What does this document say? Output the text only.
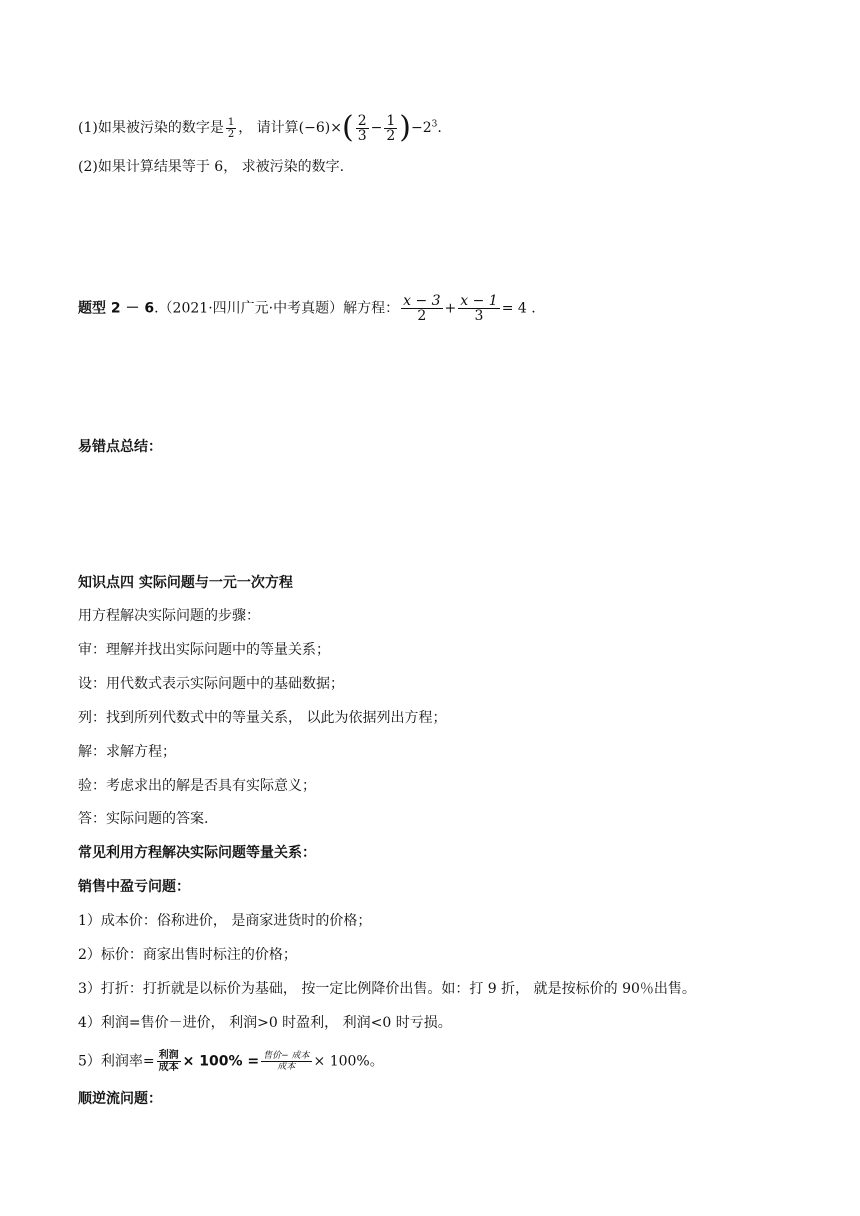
(1)如果被污染的数字是 $\frac{1}{2}$ ， 请计算$(-6)\times( \frac{2}{3} - \frac{1}{2} )-2^3$.
(2)如果计算结果等于 6， 求被污染的数字.
题型 2 － 6.（2021·四川广元·中考真题）解方程： $\frac{x - 3}{2} + \frac{x - 1}{3} = 4$ .
易错点总结：
知识点四 实际问题与一元一次方程
用方程解决实际问题的步骤：
审：理解并找出实际问题中的等量关系；
设：用代数式表示实际问题中的基础数据；
列：找到所列代数式中的等量关系， 以此为依据列出方程；
解：求解方程；
验：考虑求出的解是否具有实际意义；
答：实际问题的答案.
常见利用方程解决实际问题等量关系：
销售中盈亏问题：
1）成本价：俗称进价， 是商家进货时的价格；
2）标价：商家出售时标注的价格；
3）打折：打折就是以标价为基础， 按一定比例降价出售。如：打 9 折， 就是按标价的 90％出售。
4）利润=售价－进价， 利润>0 时盈利， 利润<0 时亏损。
5）利润率= $\frac{\text{利润}}{\text{成本}} \times 100\% = \frac{\text{售价− 成本}}{\text{成本}} \times 100\%$。
顺逆流问题：
